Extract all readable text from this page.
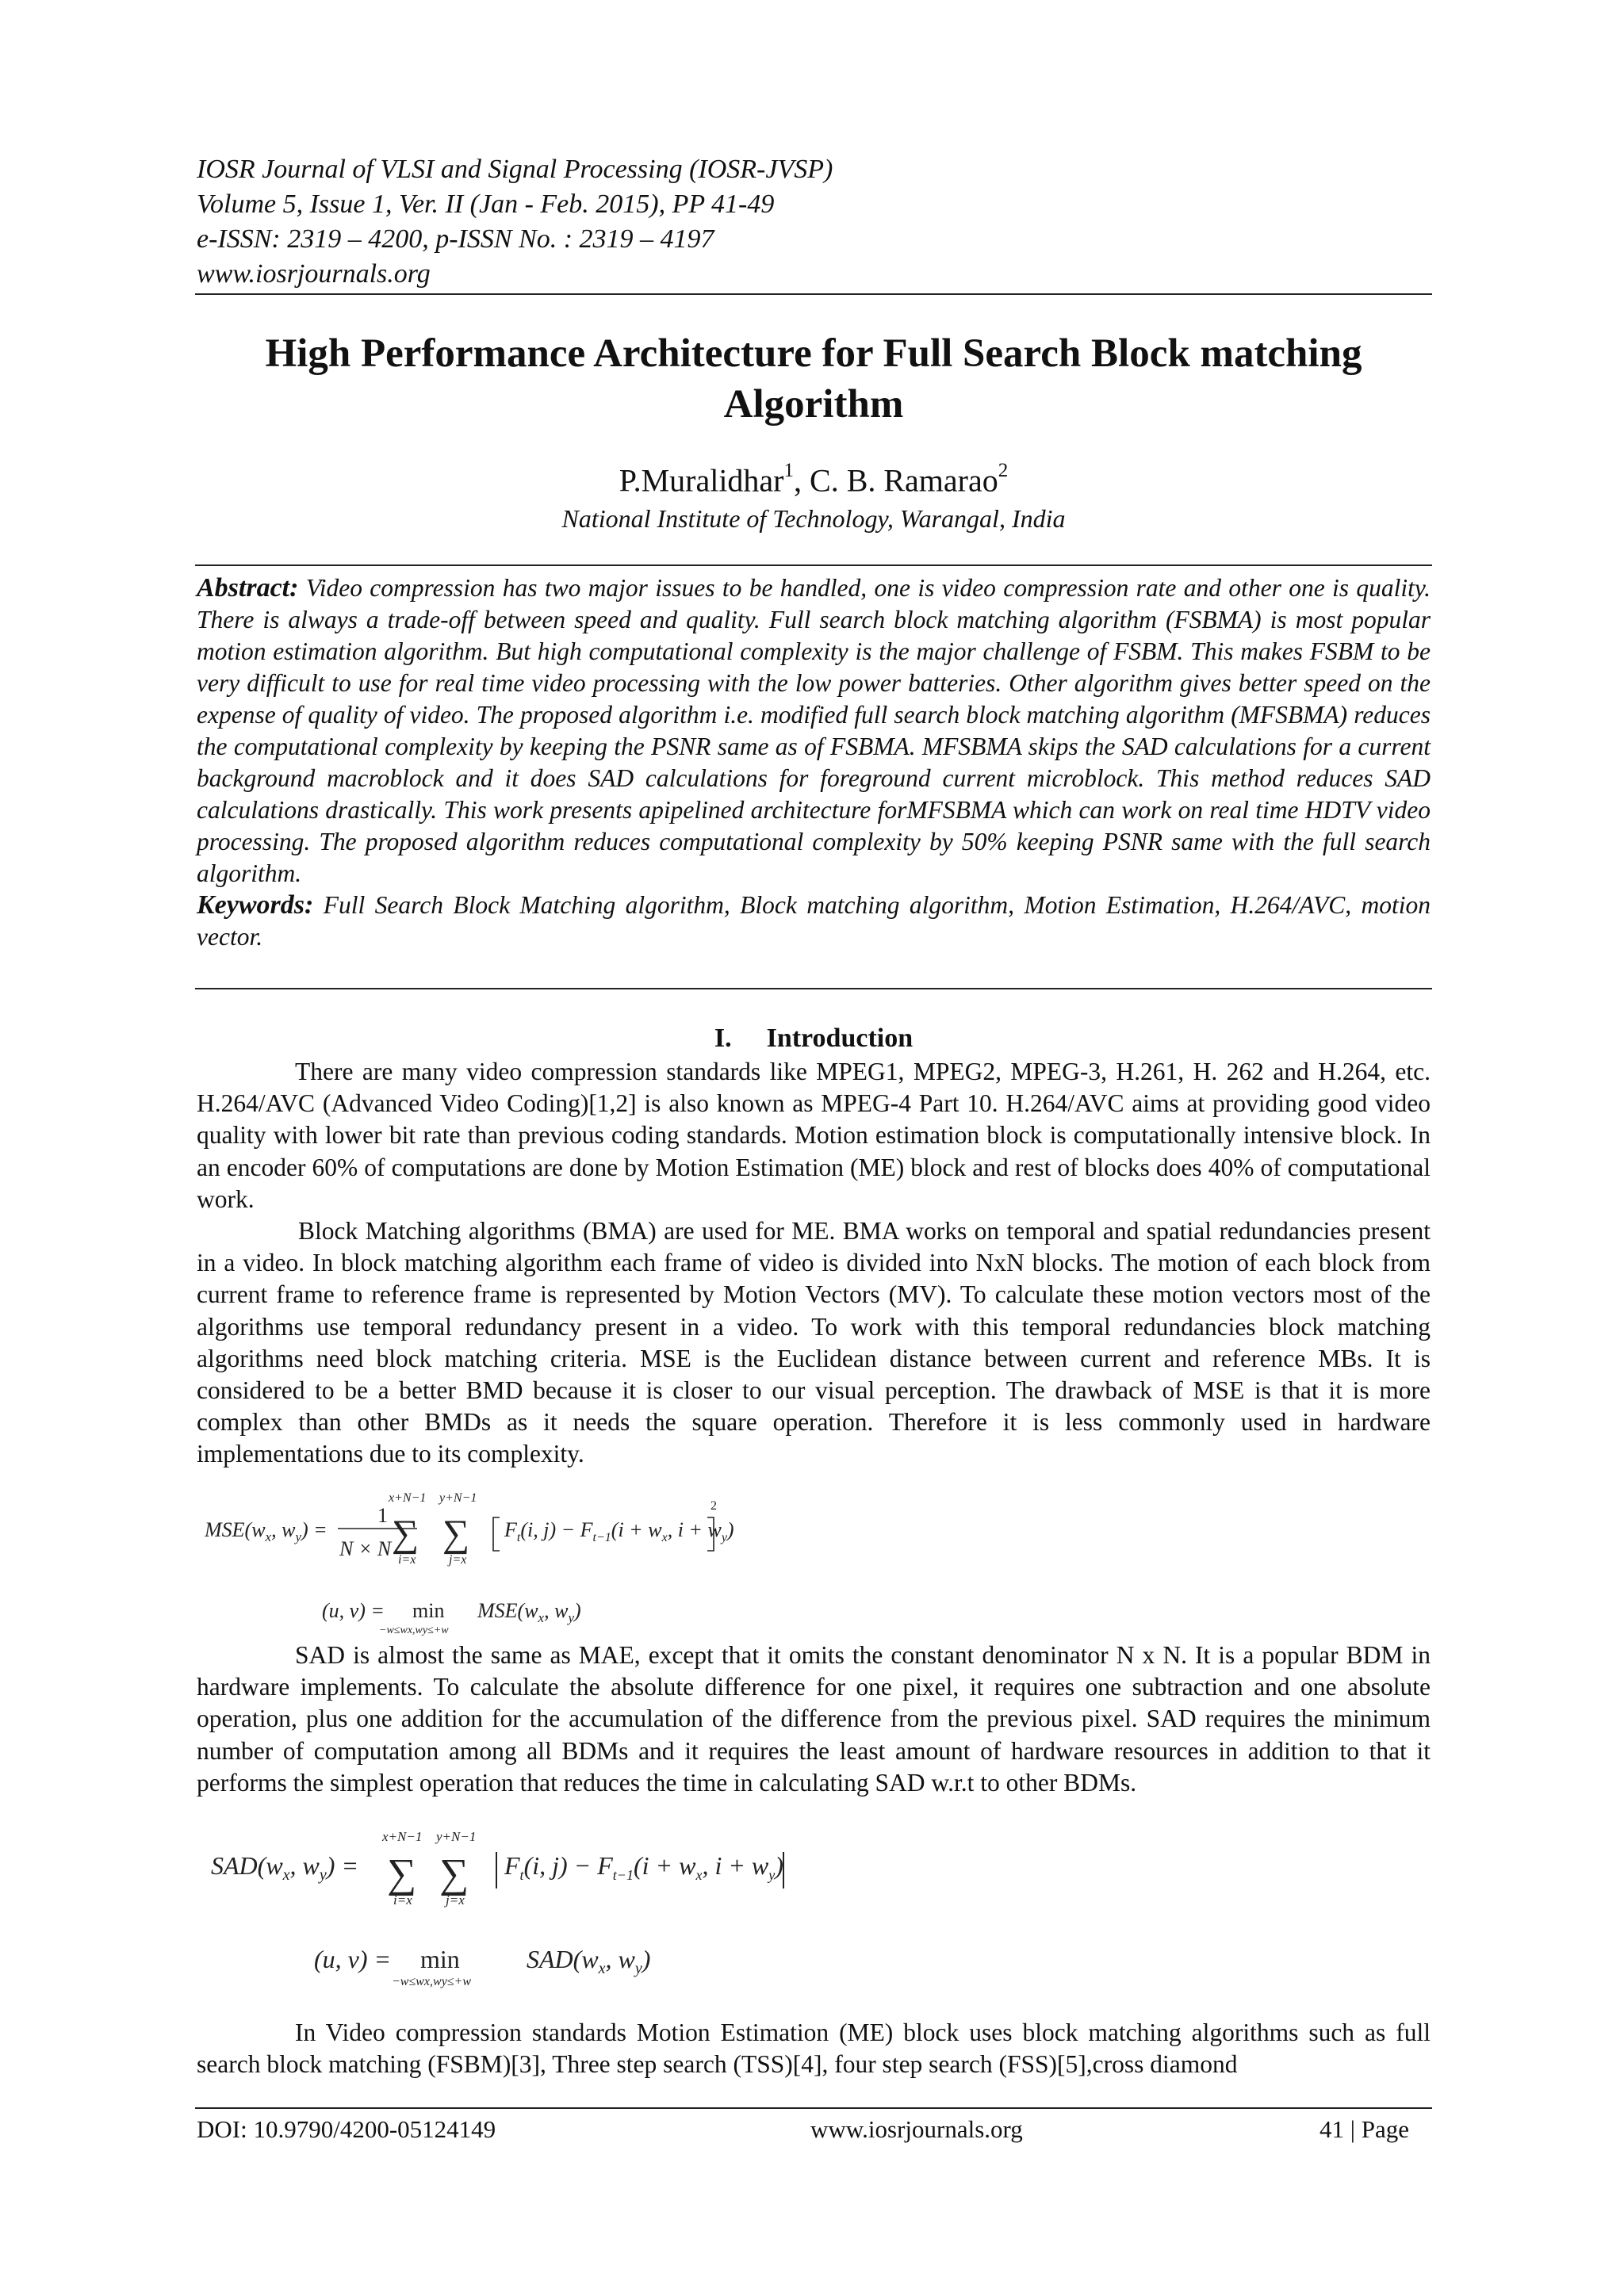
IOSR Journal of VLSI and Signal Processing (IOSR-JVSP)
Volume 5, Issue 1, Ver. II (Jan - Feb. 2015), PP 41-49
e-ISSN: 2319 – 4200, p-ISSN No. : 2319 – 4197
www.iosrjournals.org
High Performance Architecture for Full Search Block matching
Algorithm
P.Muralidhar$^1$, C. B. Ramarao$^2$
National Institute of Technology, Warangal, India

Abstract: Video compression has two major issues to be handled, one is video compression rate and other one is quality. There is always a trade-off between speed and quality. Full search block matching algorithm (FSBMA) is most popular motion estimation algorithm. But high computational complexity is the major challenge of FSBM. This makes FSBM to be very difficult to use for real time video processing with the low power batteries. Other algorithm gives better speed on the expense of quality of video. The proposed algorithm i.e. modified full search block matching algorithm (MFSBMA) reduces the computational complexity by keeping the PSNR same as of FSBMA. MFSBMA skips the SAD calculations for a current background macroblock and it does SAD calculations for foreground current microblock. This method reduces SAD calculations drastically. This work presents apipelined architecture forMFSBMA which can work on real time HDTV video processing. The proposed algorithm reduces computational complexity by 50% keeping PSNR same with the full search algorithm.

Keywords: Full Search Block Matching algorithm, Block matching algorithm, Motion Estimation, H.264/AVC, motion vector.

I. Introduction

There are many video compression standards like MPEG1, MPEG2, MPEG-3, H.261, H. 262 and H.264, etc. H.264/AVC (Advanced Video Coding)[1,2] is also known as MPEG-4 Part 10. H.264/AVC aims at providing good video quality with lower bit rate than previous coding standards. Motion estimation block is computationally intensive block. In an encoder 60% of computations are done by Motion Estimation (ME) block and rest of blocks does 40% of computational work.

Block Matching algorithms (BMA) are used for ME. BMA works on temporal and spatial redundancies present in a video. In block matching algorithm each frame of video is divided into NxN blocks. The motion of each block from current frame to reference frame is represented by Motion Vectors (MV). To calculate these motion vectors most of the algorithms use temporal redundancy present in a video. To work with this temporal redundancies block matching algorithms need block matching criteria. MSE is the Euclidean distance between current and reference MBs. It is considered to be a better BMD because it is closer to our visual perception. The drawback of MSE is that it is more complex than other BMDs as it needs the square operation. Therefore it is less commonly used in hardware implementations due to its complexity.

$MSE(w_x$, $w_y$) =
1
N × N
x+N−1
∑
i=x
y+N−1
∑
j=x
$F_t(i$, $j) - F_{t-1}(i + w_x$, $i + w_y$)
2
(u, v) = min
−w≤wx,wy≤+w
$MSE(w_x$, $w_y$)

SAD is almost the same as MAE, except that it omits the constant denominator N x N. It is a popular BDM in hardware implements. To calculate the absolute difference for one pixel, it requires one subtraction and one absolute operation, plus one addition for the accumulation of the difference from the previous pixel. SAD requires the minimum number of computation among all BDMs and it requires the least amount of hardware resources in addition to that it performs the simplest operation that reduces the time in calculating SAD w.r.t to other BDMs.

$SAD(w_x$, $w_y$) =
x+N−1
∑
i=x
y+N−1
∑
j=x
$F_t(i$, $j) - F_{t-1}(i + w_x$, $i + w_y$)
(u, v) = min
−w≤wx,wy≤+w
$SAD(w_x$, $w_y$)

In Video compression standards Motion Estimation (ME) block uses block matching algorithms such as full search block matching (FSBM)[3], Three step search (TSS)[4], four step search (FSS)[5],cross diamond

DOI: 10.9790/4200-05124149	www.iosrjournals.org	41 | Page
